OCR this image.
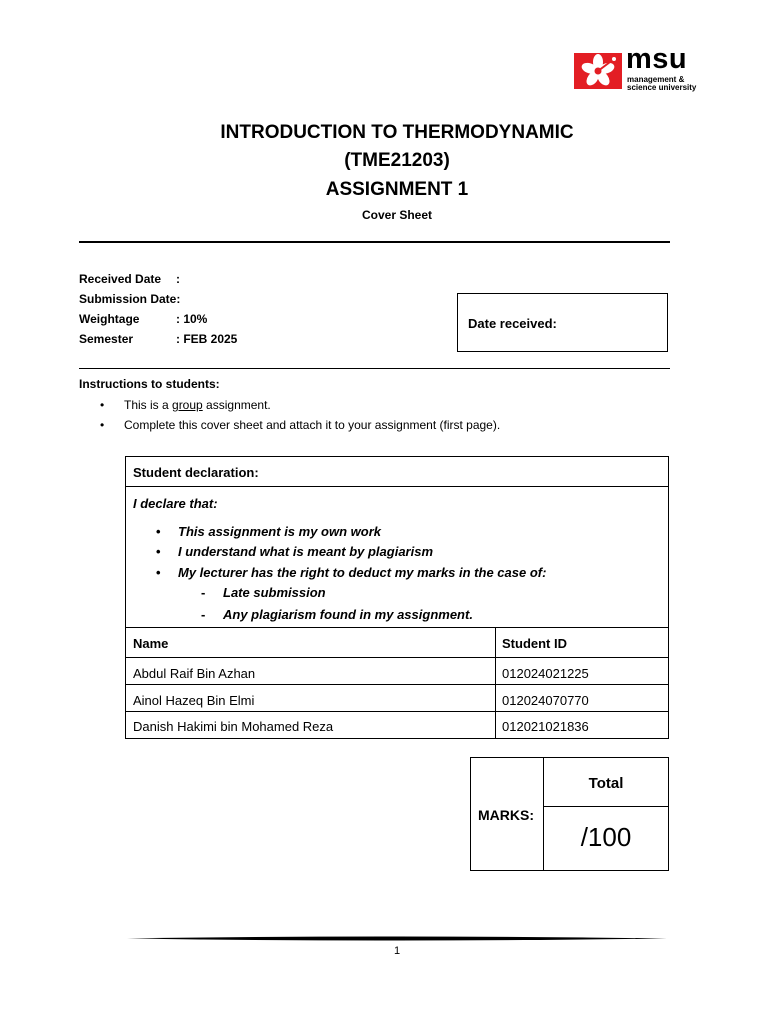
msu
management &
science university
INTRODUCTION TO THERMODYNAMIC
(TME21203)
ASSIGNMENT 1
Cover Sheet
Received Date :
Submission Date:
Weightage	: 10%
Semester	: FEB 2025
Date received:
Instructions to students:
• This is a group assignment.
• Complete this cover sheet and attach it to your assignment (first page).
Student declaration:
I declare that:
• This assignment is my own work
• I understand what is meant by plagiarism
• My lecturer has the right to deduct my marks in the case of:
- Late submission
- Any plagiarism found in my assignment.
Name	Student ID
Abdul Raif Bin Azhan	012024021225
Ainol Hazeq Bin Elmi	012024070770
Danish Hakimi bin Mohamed Reza	012021021836
MARKS:
Total
/100
1
